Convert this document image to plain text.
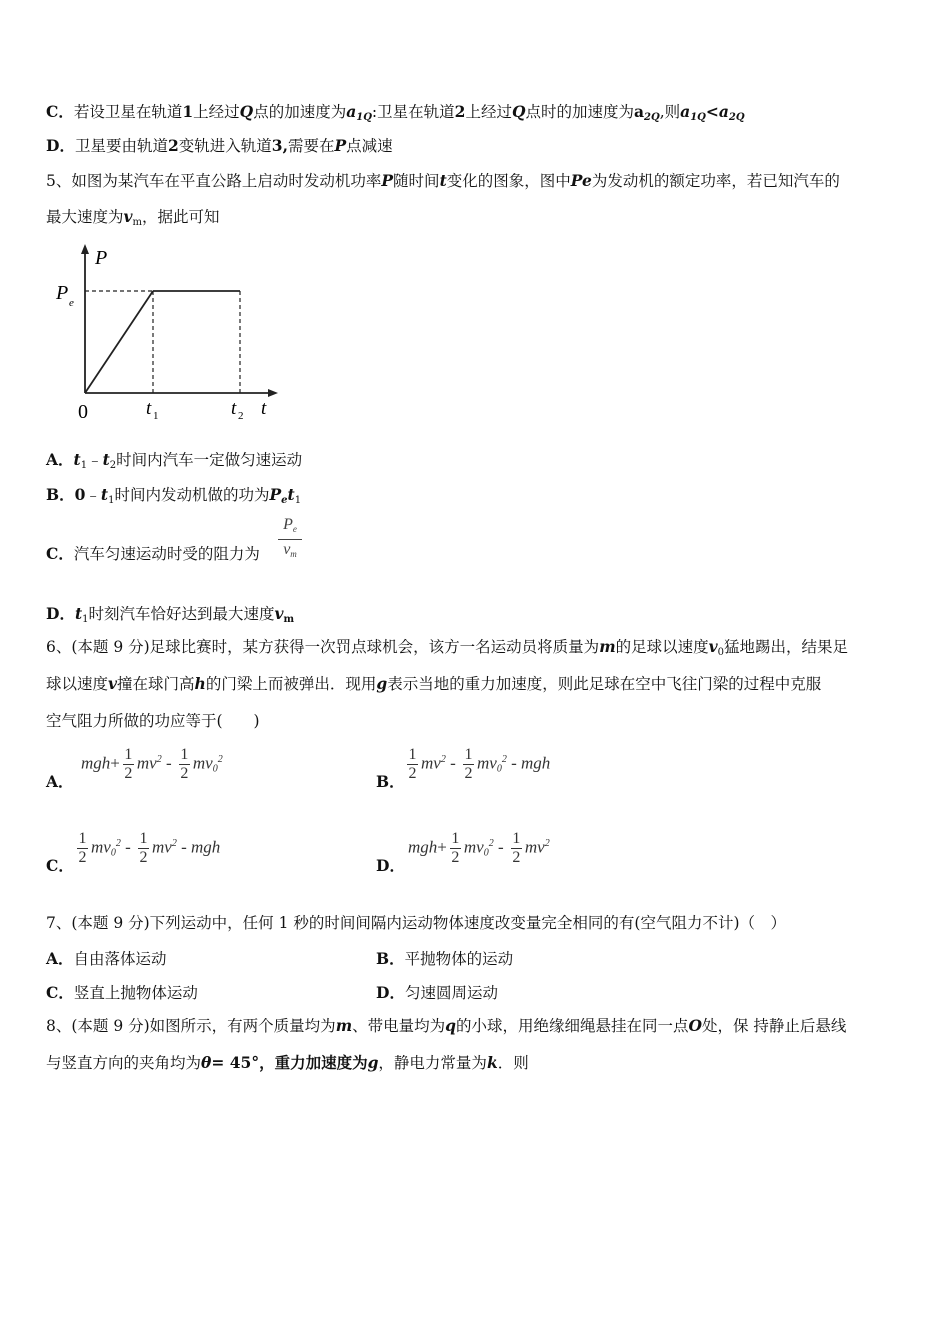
C．若设卫星在轨道1上经过Q点的加速度为$a_{1Q}$:卫星在轨道2上经过Q点时的加速度为$a_{2Q}$,则$a_{1Q}<a_{2Q}$
D．卫星要由轨道2变轨进入轨道3,需要在P点减速
5、如图为某汽车在平直公路上启动时发动机功率P随时间t变化的图象，图中Pe为发动机的额定功率，若已知汽车的
最大速度为$v_m$，据此可知
P
P e
0	t 1	t 2 t
A．$t_1﹣t_2$时间内汽车一定做匀速运动
B．$0﹣t_1$时间内发动机做的功为$P_et_1$
C．汽车匀速运动时受的阻力为
$P_e$
$v_m$
D．$t_1$时刻汽车恰好达到最大速度$v_m$
6、(本题 9 分)足球比赛时，某方获得一次罚点球机会，该方一名运动员将质量为m的足球以速度$v_0$猛地踢出，结果足
球以速度v撞在球门高h的门梁上而被弹出．现用g表示当地的重力加速度，则此足球在空中飞往门梁的过程中克服
空气阻力所做的功应等于(　　)
A．
$mgh+ \frac{1}{2} mv^2 - \frac{1}{2} mv_0^2$
B． $\frac{1}{2} mv^2 - \frac{1}{2} mv_0^2$ - mgh
C． $\frac{1}{2} mv_0^2 - \frac{1}{2} mv^2$ - mgh
D．
$mgh+ \frac{1}{2} mv_0^2 - \frac{1}{2} mv^2$
7、(本题 9 分)下列运动中，任何 1 秒的时间间隔内运动物体速度改变量完全相同的有(空气阻力不计)（　）
A．自由落体运动	B．平抛物体的运动
C．竖直上抛物体运动	D．匀速圆周运动
8、(本题 9 分)如图所示，有两个质量均为m、带电量均为q的小球，用绝缘细绳悬挂在同一点O处，保 持静止后悬线
与竖直方向的夹角均为θ= 45°，重力加速度为g，静电力常量为k．则
